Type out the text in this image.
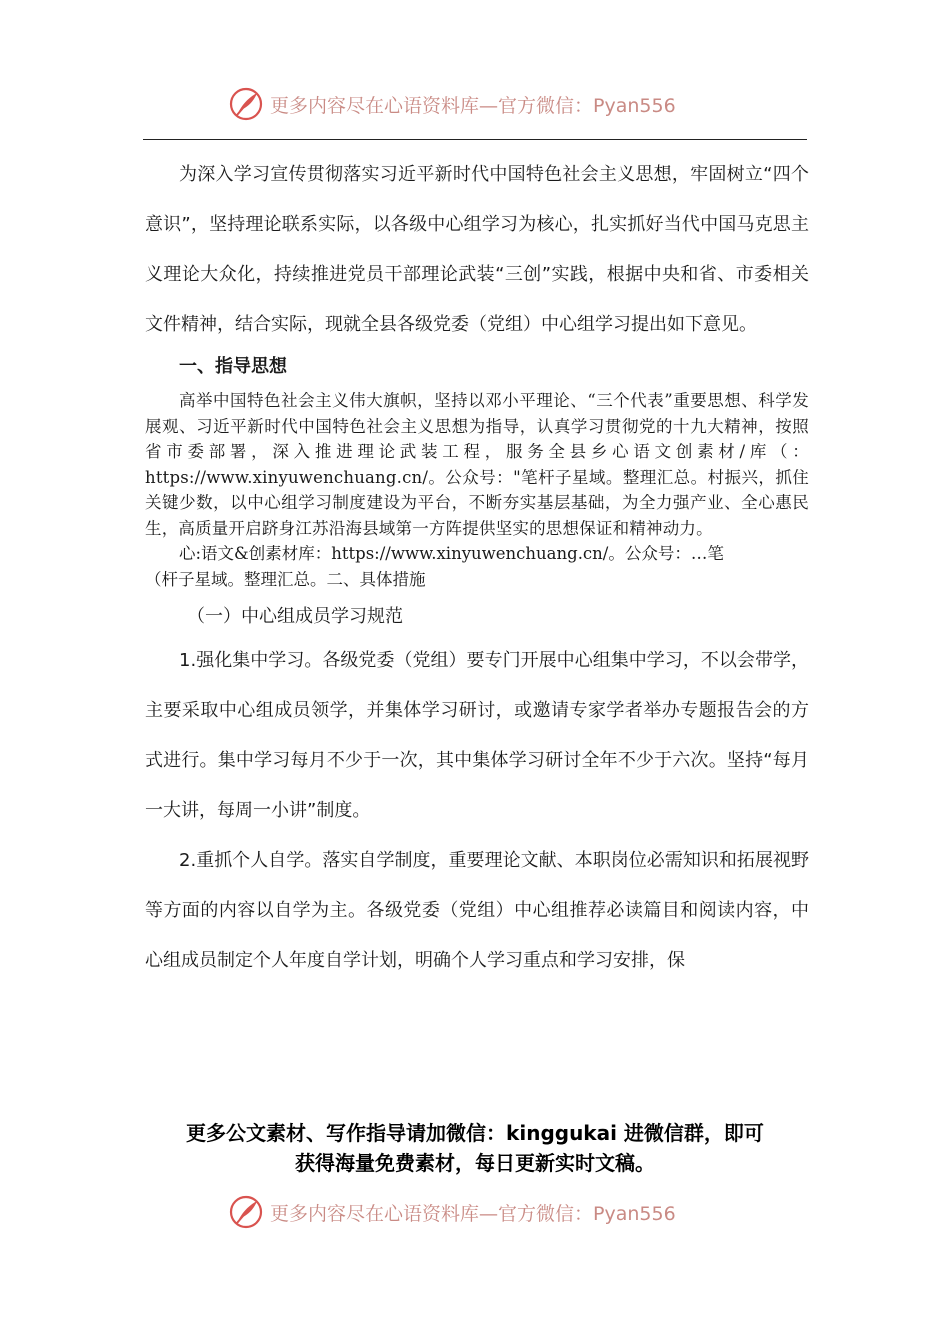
更多内容尽在心语资料库—官方微信：Pyan556

为深入学习宣传贯彻落实习近平新时代中国特色社会主义思想，牢固树立“四个意识”，坚持理论联系实际，以各级中心组学习为核心，扎实抓好当代中国马克思主义理论大众化，持续推进党员干部理论武装“三创”实践，根据中央和省、市委相关文件精神，结合实际，现就全县各级党委（党组）中心组学习提出如下意见。

一、指导思想

高举中国特色社会主义伟大旗帜，坚持以邓小平理论、“三个代表”重要思想、科学发展观、习近平新时代中国特色社会主义思想为指导，认真学习贯彻党的十九大精神，按照省市委部署，深入推进理论武装工程，服务全县乡心语文创素材/库（：https://www.xinyuwenchuang.cn/。公众号："笔杆子星域。整理汇总。村振兴，抓住关键少数，以中心组学习制度建设为平台，不断夯实基层基础，为全力强产业、全心惠民生，高质量开启跻身江苏沿海县域第一方阵提供坚实的思想保证和精神动力。

心:语文&创素材库：https://www.xinyuwenchuang.cn/。公众号：…笔

（杆子星域。整理汇总。二、具体措施

（一）中心组成员学习规范

1.强化集中学习。各级党委（党组）要专门开展中心组集中学习，不以会带学，主要采取中心组成员领学，并集体学习研讨，或邀请专家学者举办专题报告会的方式进行。集中学习每月不少于一次，其中集体学习研讨全年不少于六次。坚持“每月一大讲，每周一小讲”制度。

2.重抓个人自学。落实自学制度，重要理论文献、本职岗位必需知识和拓展视野等方面的内容以自学为主。各级党委（党组）中心组推荐必读篇目和阅读内容，中心组成员制定个人年度自学计划，明确个人学习重点和学习安排，保

更多公文素材、写作指导请加微信：kinggukai 进微信群，即可
获得海量免费素材，每日更新实时文稿。
更多内容尽在心语资料库—官方微信：Pyan556
